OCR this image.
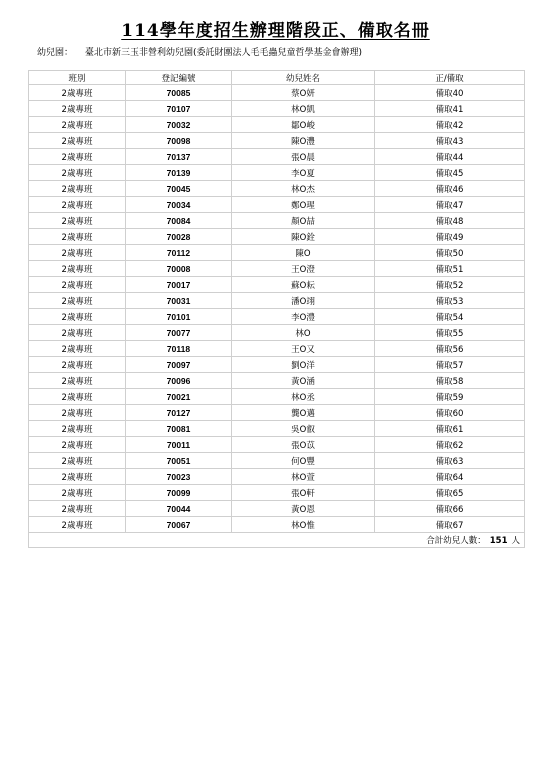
114學年度招生辦理階段正、備取名冊
幼兒園： 臺北市新三玉非營利幼兒園(委託財團法人毛毛蟲兒童哲學基金會辦理)
班別	登記編號	幼兒姓名	正/備取
2歲專班	70085	蔡O妍	備取40
2歲專班	70107	林O凱	備取41
2歲專班	70032	鄒O峻	備取42
2歲專班	70098	陳O灃	備取43
2歲專班	70137	張O晨	備取44
2歲專班	70139	李O夏	備取45
2歲專班	70045	林O杰	備取46
2歲專班	70034	鄭O瑆	備取47
2歲專班	70084	顏O喆	備取48
2歲專班	70028	陳O銓	備取49
2歲專班	70112	陳O	備取50
2歲專班	70008	王O澄	備取51
2歲專班	70017	蘇O耘	備取52
2歲專班	70031	潘O翊	備取53
2歲專班	70101	李O澧	備取54
2歲專班	70077	林O	備取55
2歲專班	70118	王O又	備取56
2歲專班	70097	劉O洋	備取57
2歲專班	70096	黃O涵	備取58
2歲專班	70021	林O丞	備取59
2歲專班	70127	龔O邁	備取60
2歲專班	70081	吳O叡	備取61
2歲專班	70011	張O苡	備取62
2歲專班	70051	何O豐	備取63
2歲專班	70023	林O萱	備取64
2歲專班	70099	張O軒	備取65
2歲專班	70044	黃O恩	備取66
2歲專班	70067	林O惟	備取67
合計幼兒人數： 151 人			
